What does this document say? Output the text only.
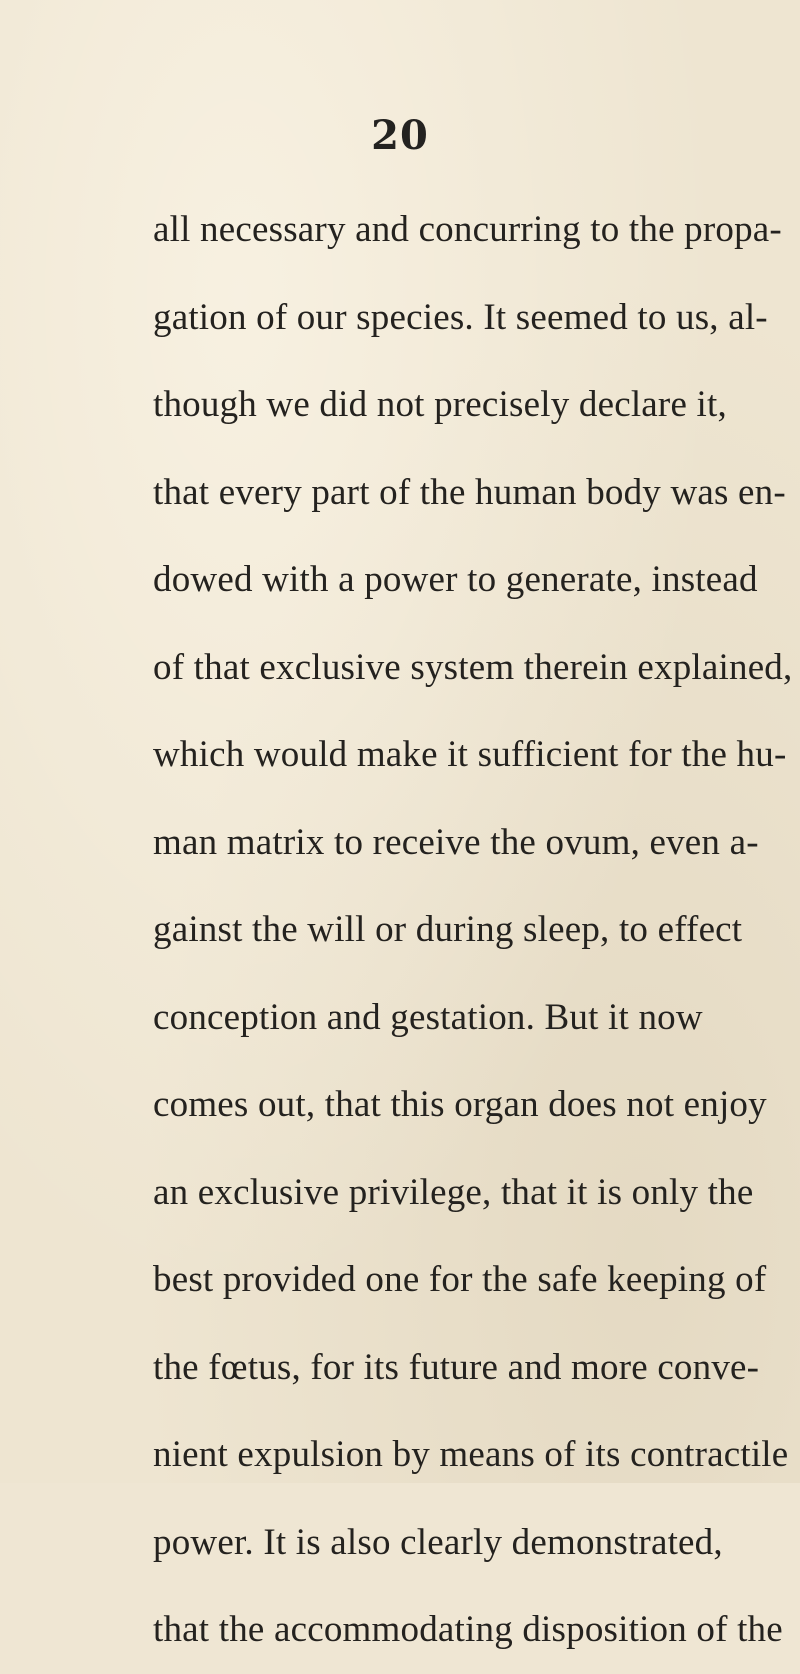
20
all necessary and concurring to the propa-
gation of our species. It seemed to us, al-
though we did not precisely declare it,
that every part of the human body was en-
dowed with a power to generate, instead
of that exclusive system therein explained,
which would make it sufficient for the hu-
man matrix to receive the ovum, even a-
gainst the will or during sleep, to effect
conception and gestation. But it now
comes out, that this organ does not enjoy
an exclusive privilege, that it is only the
best provided one for the safe keeping of
the fœtus, for its future and more conve-
nient expulsion by means of its contractile
power. It is also clearly demonstrated,
that the accommodating disposition of the
